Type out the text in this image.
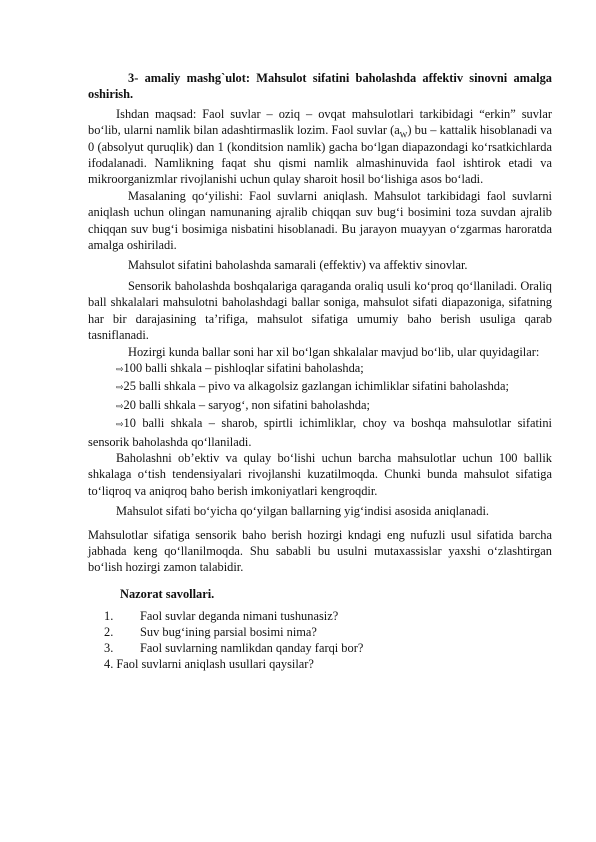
3- amaliy mashg`ulot: Mahsulot sifatini baholashda affektiv sinovni amalga oshirish.

Ishdan maqsad: Faol suvlar – oziq – ovqat mahsulotlari tarkibidagi “erkin” suvlar bo‘lib, ularni namlik bilan adashtirmaslik lozim. Faol suvlar $(a_W)$ bu – kattalik hisoblanadi va 0 (absolyut quruqlik) dan 1 (konditsion namlik) gacha bo‘lgan diapazondagi ko‘rsatkichlarda ifodalanadi. Namlikning faqat shu qismi namlik almashinuvida faol ishtirok etadi va mikroorganizmlar rivojlanishi uchun qulay sharoit hosil bo‘lishiga asos bo‘ladi.

Masalaning qo‘yilishi: Faol suvlarni aniqlash. Mahsulot tarkibidagi faol suvlarni aniqlash uchun olingan namunaning ajralib chiqqan suv bug‘i bosimini toza suvdan ajralib chiqqan suv bug‘i bosimiga nisbatini hisoblanadi. Bu jarayon muayyan o‘zgarmas haroratda amalga oshiriladi.

Mahsulot sifatini baholashda samarali (effektiv) va affektiv sinovlar.

Sensorik baholashda boshqalariga qaraganda oraliq usuli ko‘proq qo‘llaniladi. Oraliq ball shkalalari mahsulotni baholashdagi ballar soniga, mahsulot sifati diapazoniga, sifatning har bir darajasining ta’rifiga, mahsulot sifatiga umumiy baho berish usuliga qarab tasniflanadi.

Hozirgi kunda ballar soni har xil bo‘lgan shkalalar mavjud bo‘lib, ular quyidagilar:

⇨100 balli shkala – pishloqlar sifatini baholashda;

⇨25 balli shkala – pivo va alkagolsiz gazlangan ichimliklar sifatini baholashda;

⇨20 balli shkala – saryog‘, non sifatini baholashda;

⇨10 balli shkala – sharob, spirtli ichimliklar, choy va boshqa mahsulotlar sifatini sensorik baholashda qo‘llaniladi.

Baholashni ob’ektiv va qulay bo‘lishi uchun barcha mahsulotlar uchun 100 ballik shkalaga o‘tish tendensiyalari rivojlanshi kuzatilmoqda. Chunki bunda mahsulot sifatiga to‘liqroq va aniqroq baho berish imkoniyatlari kengroqdir.

Mahsulot sifati bo‘yicha qo‘yilgan ballarning yig‘indisi asosida aniqlanadi.

Mahsulotlar sifatiga sensorik baho berish hozirgi kndagi eng nufuzli usul sifatida barcha jabhada keng qo‘llanilmoqda. Shu sababli bu usulni mutaxassislar yaxshi o‘zlashtirgan bo‘lish hozirgi zamon talabidir.

Nazorat savollari.

1.	Faol suvlar deganda nimani tushunasiz?
2.	Suv bug‘ining parsial bosimi nima?
3.	Faol suvlarning namlikdan qanday farqi bor?
4. Faol suvlarni aniqlash usullari qaysilar?
